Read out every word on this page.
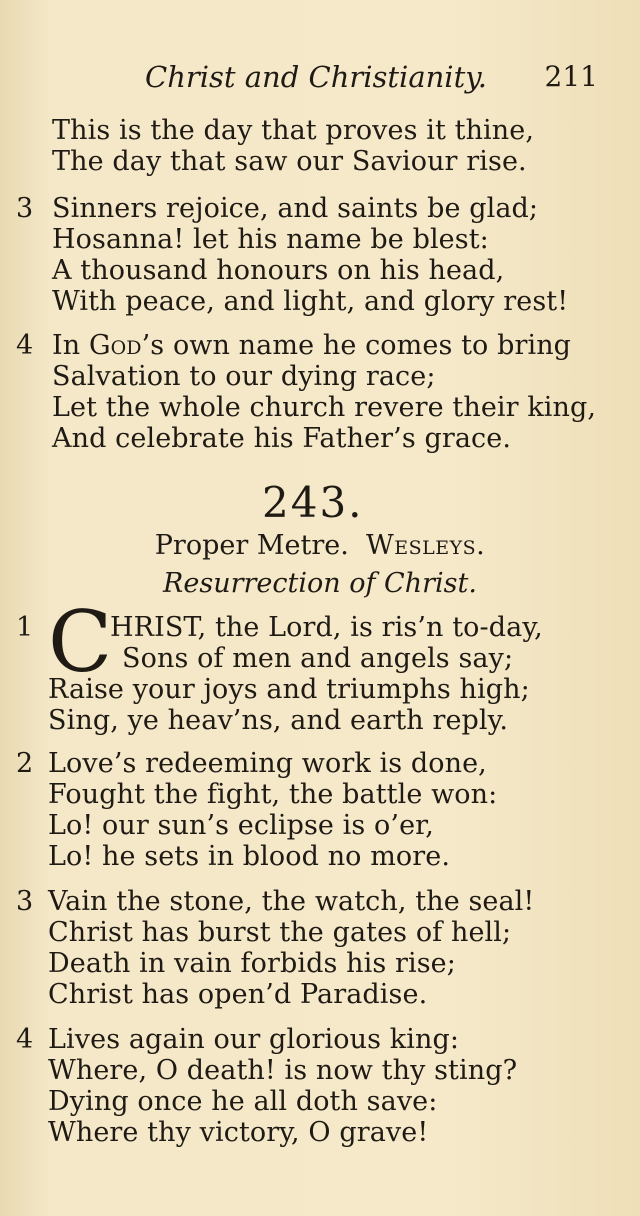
Christ and Christianity. 211
This is the day that proves it thine,
The day that saw our Saviour rise.
3 Sinners rejoice, and saints be glad;
Hosanna! let his name be blest:
A thousand honours on his head,
With peace, and light, and glory rest!
4 In God’s own name he comes to bring
Salvation to our dying race;
Let the whole church revere their king,
And celebrate his Father’s grace.
243.
Proper Metre. Wesleys.
Resurrection of Christ.
1 C
HRIST, the Lord, is ris’n to-day,
Sons of men and angels say;
Raise your joys and triumphs high;
Sing, ye heav’ns, and earth reply.
2 Love’s redeeming work is done,
Fought the fight, the battle won:
Lo! our sun’s eclipse is o’er,
Lo! he sets in blood no more.
3 Vain the stone, the watch, the seal!
Christ has burst the gates of hell;
Death in vain forbids his rise;
Christ has open’d Paradise.
4 Lives again our glorious king:
Where, O death! is now thy sting?
Dying once he all doth save:
Where thy victory, O grave!
